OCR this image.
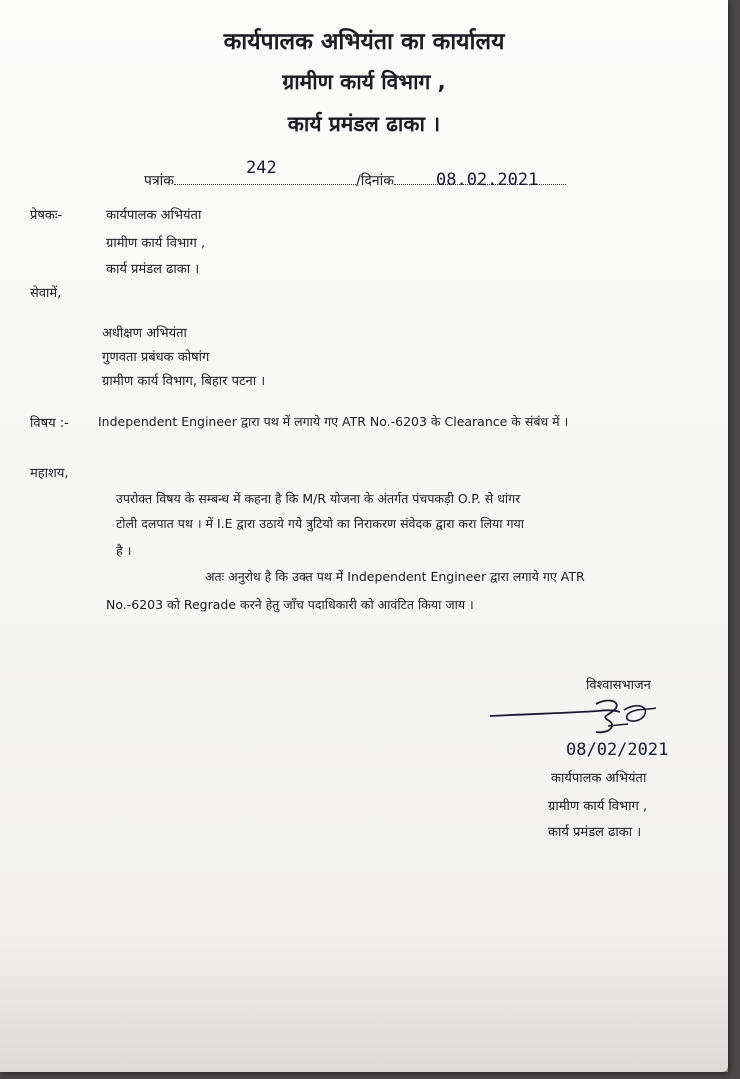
कार्यपालक अभियंता का कार्यालय
ग्रामीण कार्य विभाग ,
कार्य प्रमंडल ढाका ।
पत्रांक	/दिनांक
242
08.02.2021
प्रेषकः-	कार्यपालक अभियंता
ग्रामीण कार्य विभाग ,
कार्य प्रमंडल ढाका ।
सेवामें,
अधीक्षण अभियंता
गुणवता प्रबंधक कोषांग
ग्रामीण कार्य विभाग, बिहार पटना ।
विषय :- Independent Engineer द्वारा पथ में लगाये गए ATR No.-6203 के Clearance के संबंध में ।
महाशय,
उपरोक्त विषय के सम्बन्ध में कहना है कि M/R योजना के अंतर्गत पंचपकड़ी O.P. से धांगर
टोली दलपात पथ । में I.E द्वारा उठाये गये त्रुटियो का निराकरण संवेदक द्वारा करा लिया गया
है ।
अतः अनुरोध है कि उक्त पथ में Independent Engineer द्वारा लगाये गए ATR
No.-6203 को Regrade करने हेतु जाँच पदाधिकारी को आवंटित किया जाय ।
विश्वासभाजन
08/02/2021
कार्यपालक अभियंता
ग्रामीण कार्य विभाग ,
कार्य प्रमंडल ढाका ।
